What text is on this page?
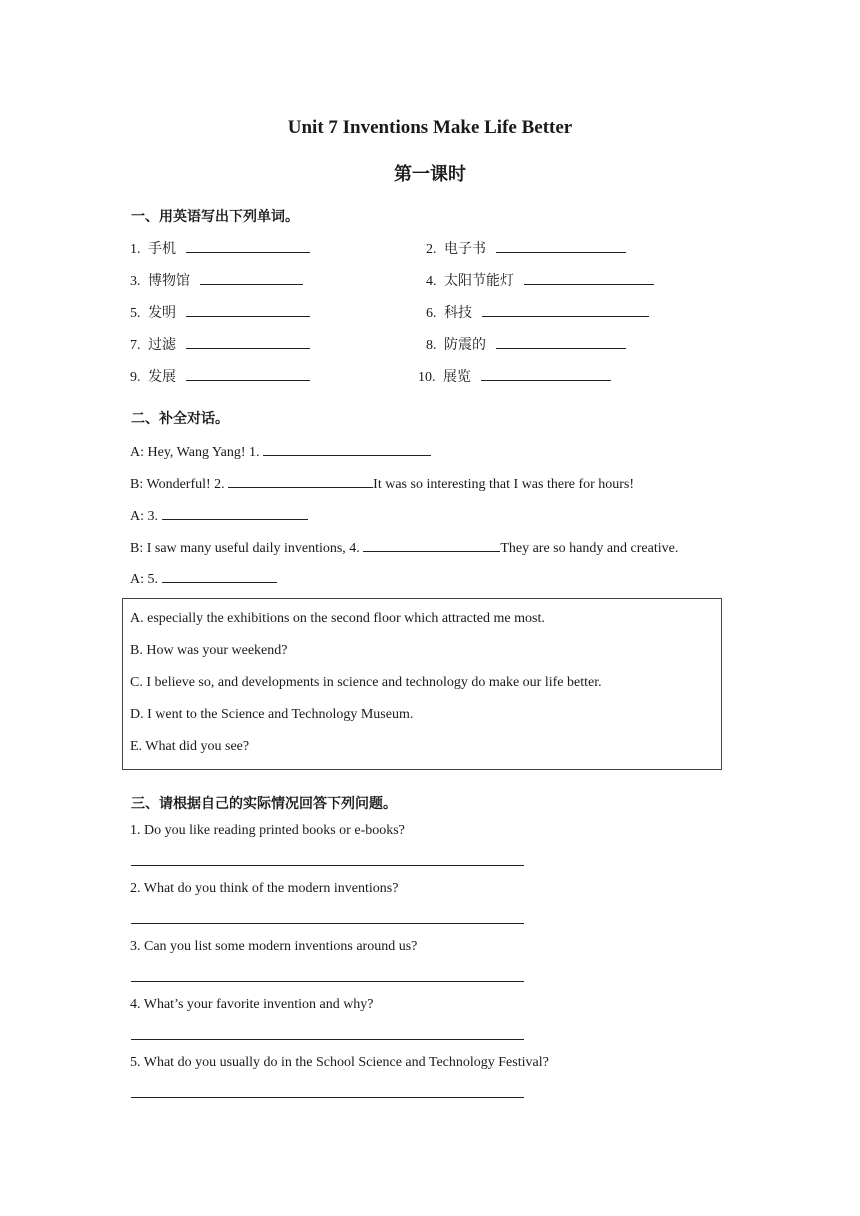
Unit 7 Inventions Make Life Better
第一课时
一、用英语写出下列单词。
1. 手机
3. 博物馆
5. 发明
7. 过滤
9. 发展
2. 电子书
4. 太阳节能灯
6. 科技
8. 防震的
10. 展览
二、补全对话。
A: Hey, Wang Yang! 1.
B: Wonderful! 2.	It was so interesting that I was there for hours!
A: 3.
B: I saw many useful daily inventions, 4.	They are so handy and creative.
A: 5.
A. especially the exhibitions on the second floor which attracted me most.
B. How was your weekend?
C. I believe so, and developments in science and technology do make our life better.
D. I went to the Science and Technology Museum.
E. What did you see?
三、请根据自己的实际情况回答下列问题。
1. Do you like reading printed books or e-books?
2. What do you think of the modern inventions?
3. Can you list some modern inventions around us?
4. What’s your favorite invention and why?
5. What do you usually do in the School Science and Technology Festival?
